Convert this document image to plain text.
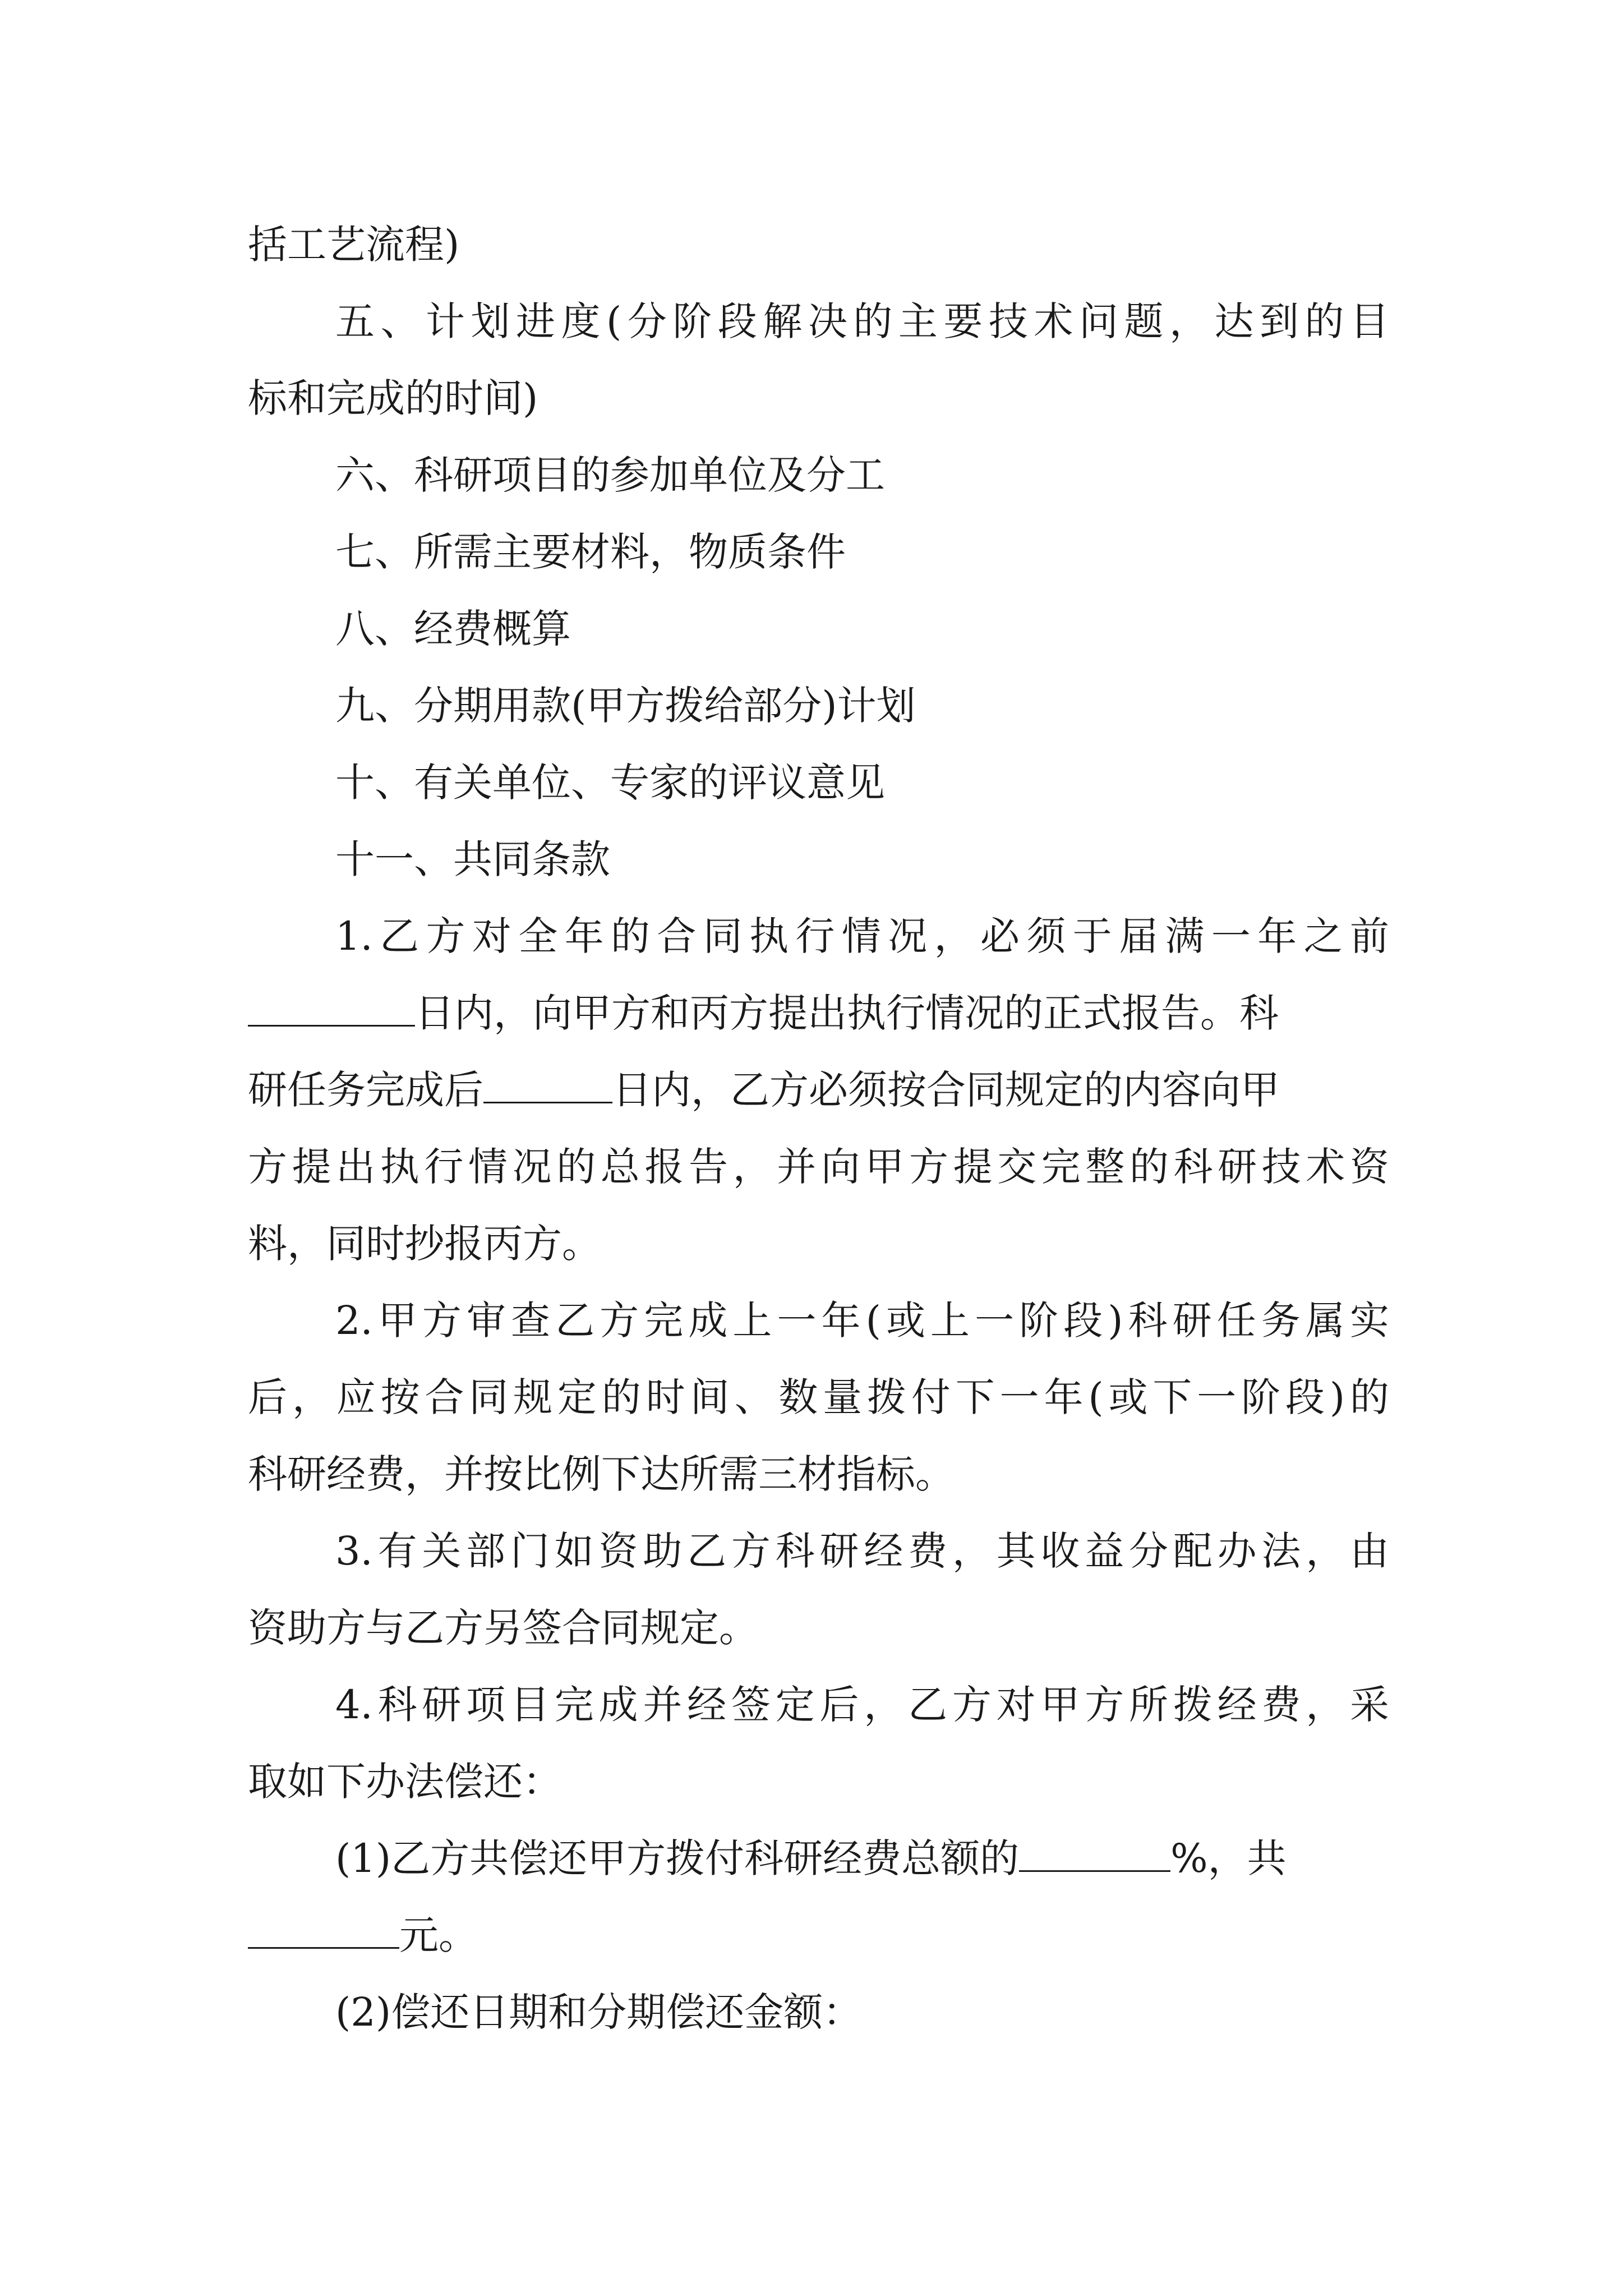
括工艺流程)
五、计划进度(分阶段解决的主要技术问题，达到的目
标和完成的时间)
六、科研项目的参加单位及分工
七、所需主要材料，物质条件
八、经费概算
九、分期用款(甲方拨给部分)计划
十、有关单位、专家的评议意见
十一、共同条款
1.乙方对全年的合同执行情况，必须于届满一年之前
日内，向甲方和丙方提出执行情况的正式报告。科
研任务完成后	日内，乙方必须按合同规定的内容向甲
方提出执行情况的总报告，并向甲方提交完整的科研技术资
料，同时抄报丙方。
2.甲方审查乙方完成上一年(或上一阶段)科研任务属实
后，应按合同规定的时间、数量拨付下一年(或下一阶段)的
科研经费，并按比例下达所需三材指标。
3.有关部门如资助乙方科研经费，其收益分配办法，由
资助方与乙方另签合同规定。
4.科研项目完成并经签定后，乙方对甲方所拨经费，采
取如下办法偿还：
(1)乙方共偿还甲方拨付科研经费总额的	%，共
元。
(2)偿还日期和分期偿还金额：
